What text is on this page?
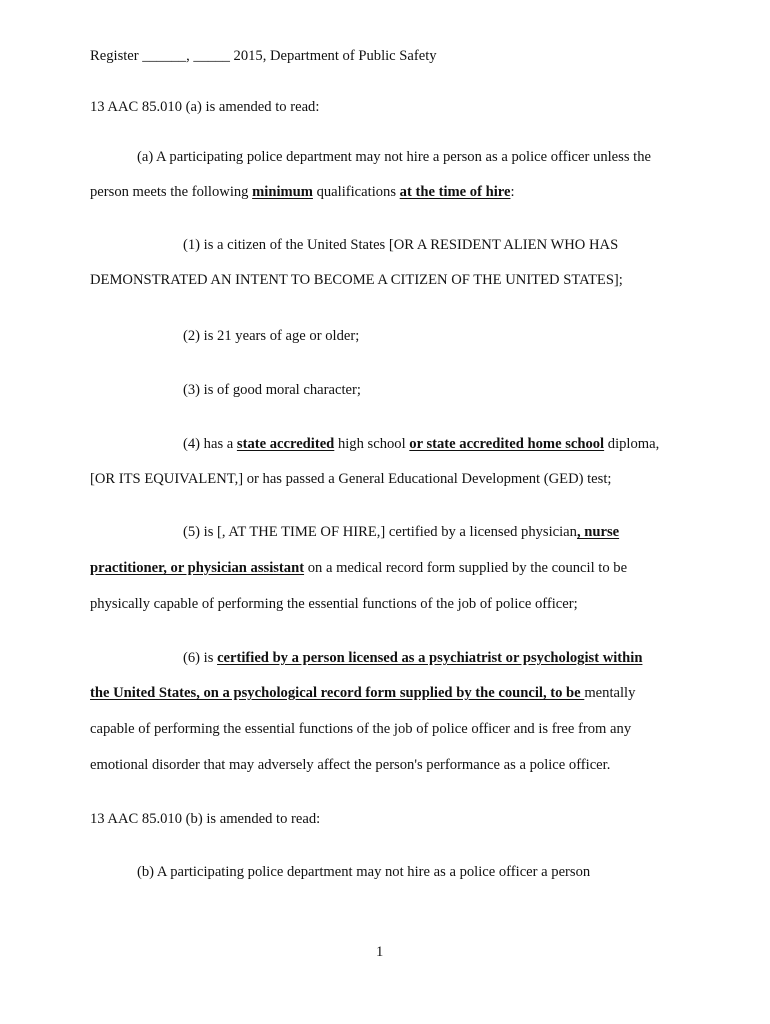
Register ______, _____ 2015, Department of Public Safety
13 AAC 85.010 (a) is amended to read:
(a) A participating police department may not hire a person as a police officer unless the
person meets the following minimum qualifications at the time of hire:
(1) is a citizen of the United States [OR A RESIDENT ALIEN WHO HAS
DEMONSTRATED AN INTENT TO BECOME A CITIZEN OF THE UNITED STATES];
(2) is 21 years of age or older;
(3) is of good moral character;
(4) has a state accredited high school or state accredited home school diploma,
[OR ITS EQUIVALENT,] or has passed a General Educational Development (GED) test;
(5) is [, AT THE TIME OF HIRE,] certified by a licensed physician, nurse
practitioner, or physician assistant on a medical record form supplied by the council to be
physically capable of performing the essential functions of the job of police officer;
(6) is certified by a person licensed as a psychiatrist or psychologist within
the United States, on a psychological record form supplied by the council, to be mentally
capable of performing the essential functions of the job of police officer and is free from any
emotional disorder that may adversely affect the person's performance as a police officer.
13 AAC 85.010 (b) is amended to read:
(b) A participating police department may not hire as a police officer a person
1
